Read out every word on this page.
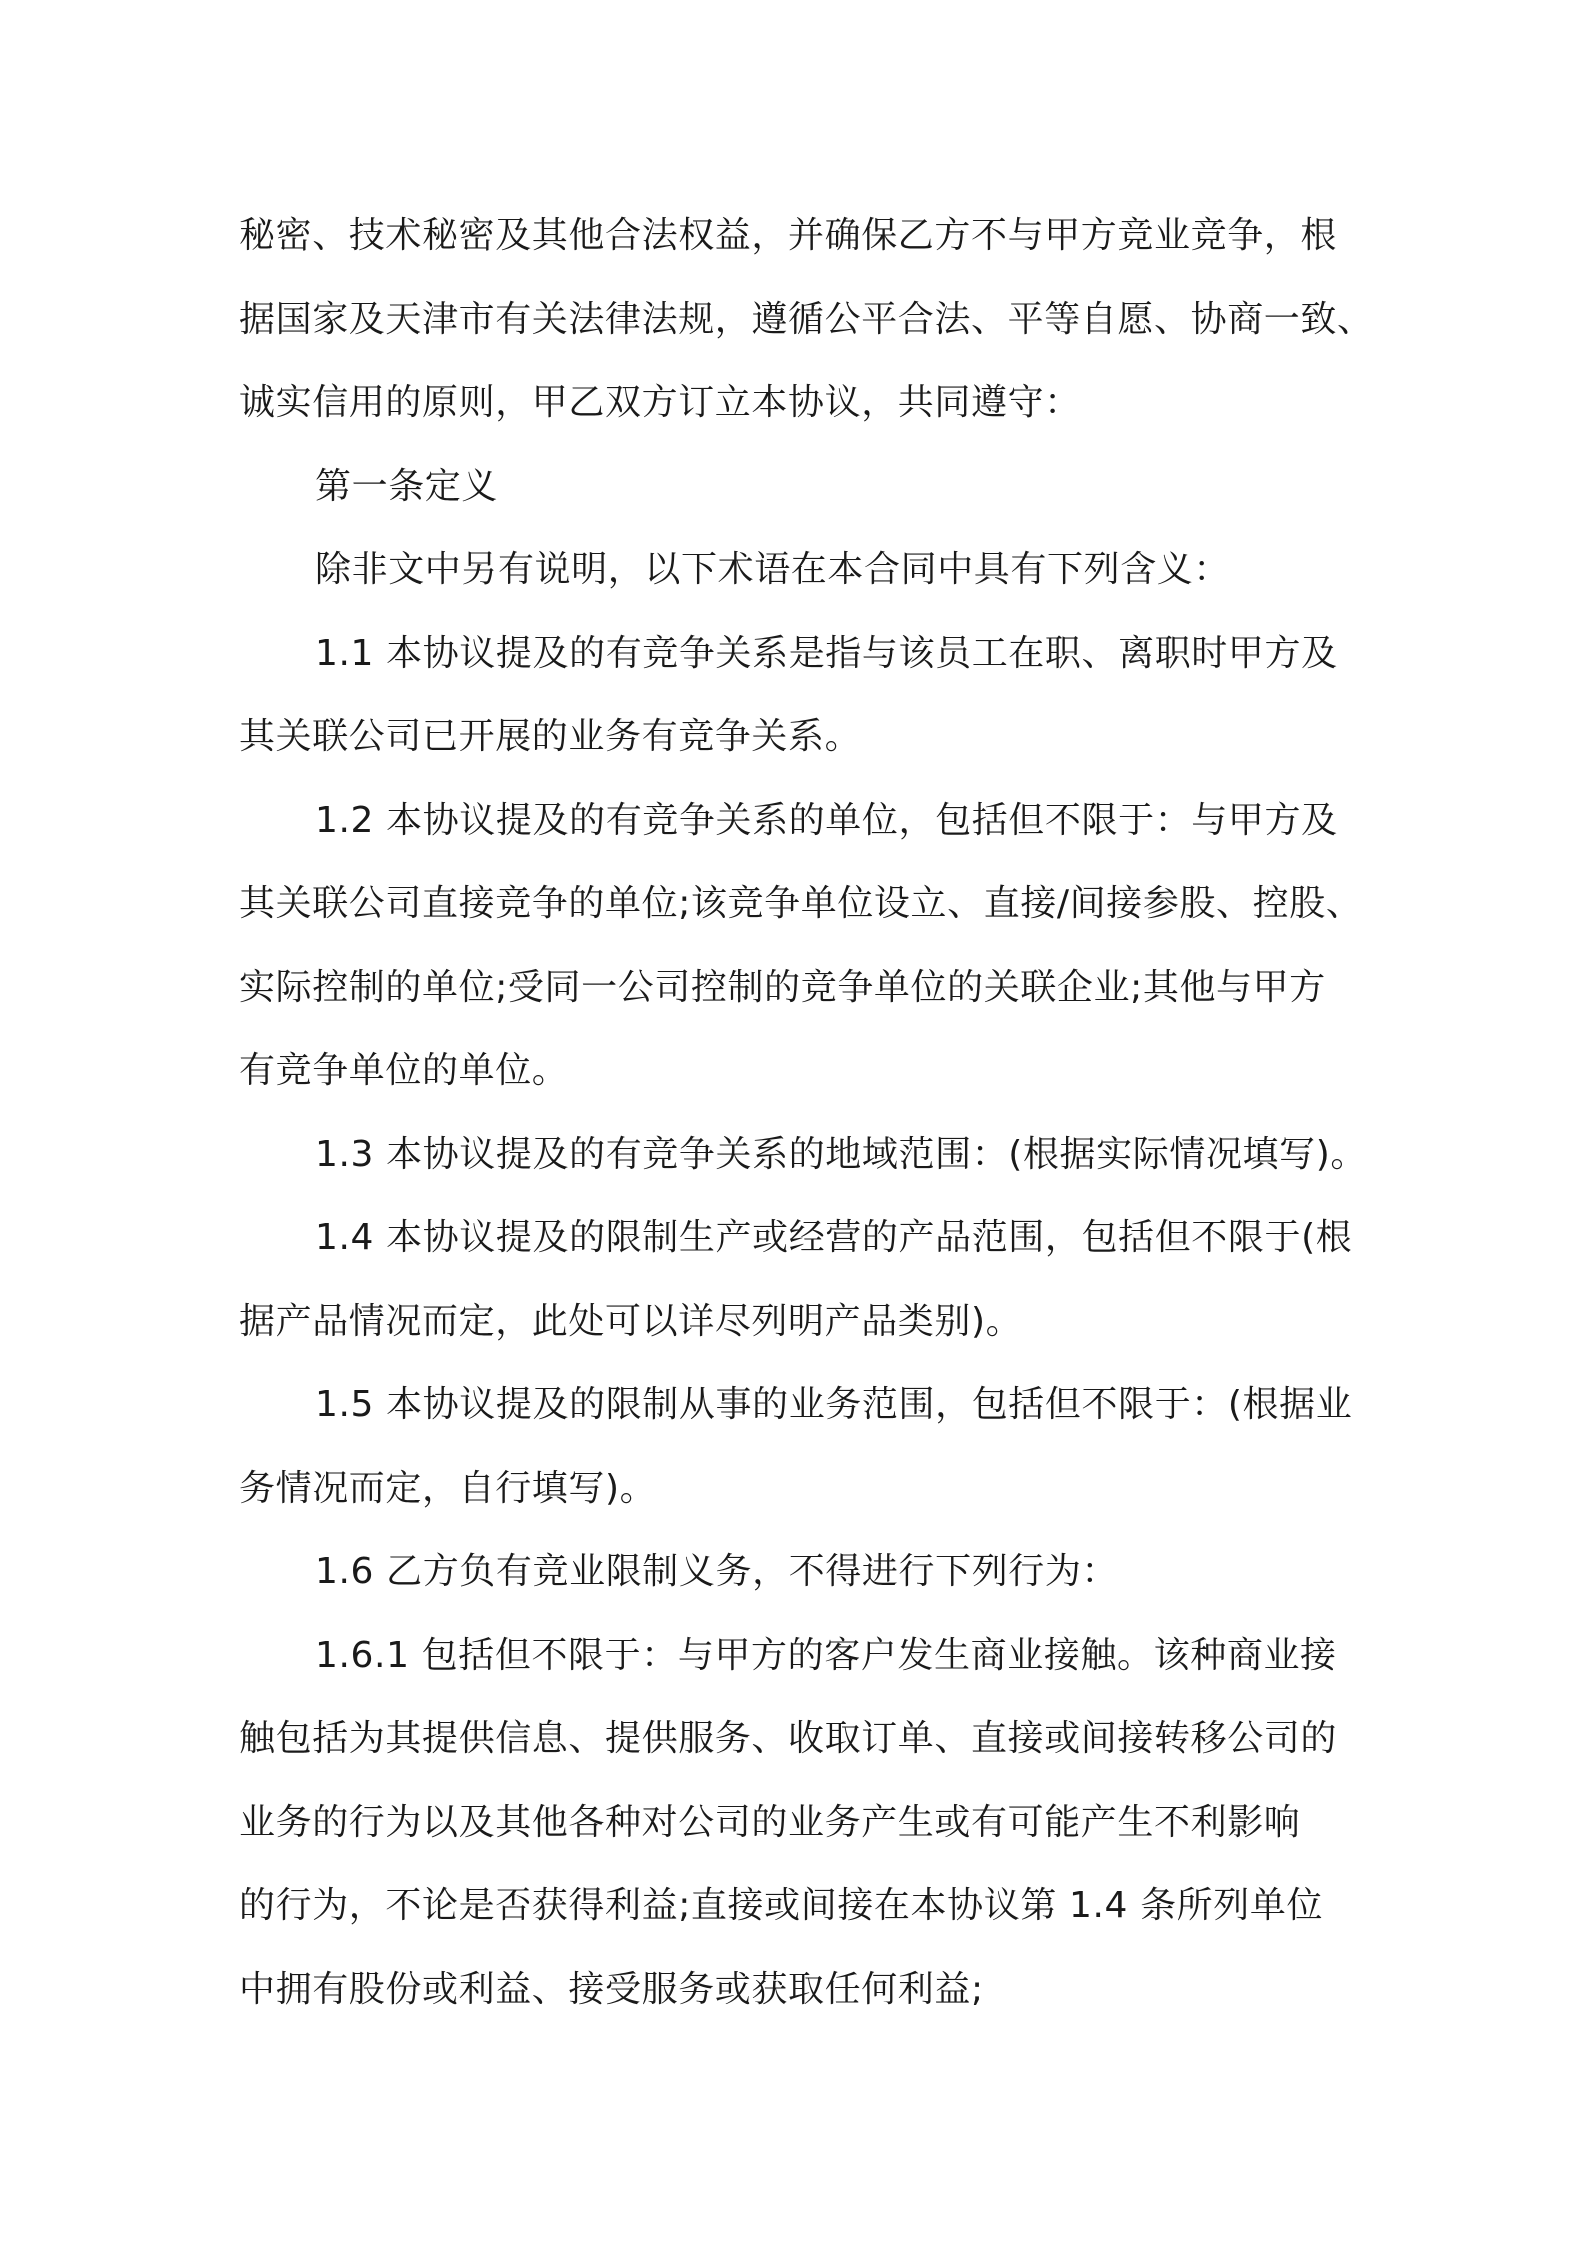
秘密、技术秘密及其他合法权益，并确保乙方不与甲方竞业竞争，根
据国家及天津市有关法律法规，遵循公平合法、平等自愿、协商一致、
诚实信用的原则，甲乙双方订立本协议，共同遵守：
第一条定义
除非文中另有说明，以下术语在本合同中具有下列含义：
1.1 本协议提及的有竞争关系是指与该员工在职、离职时甲方及
其关联公司已开展的业务有竞争关系。
1.2 本协议提及的有竞争关系的单位，包括但不限于：与甲方及
其关联公司直接竞争的单位;该竞争单位设立、直接/间接参股、控股、
实际控制的单位;受同一公司控制的竞争单位的关联企业;其他与甲方
有竞争单位的单位。
1.3 本协议提及的有竞争关系的地域范围：(根据实际情况填写)。
1.4 本协议提及的限制生产或经营的产品范围，包括但不限于(根
据产品情况而定，此处可以详尽列明产品类别)。
1.5 本协议提及的限制从事的业务范围，包括但不限于：(根据业
务情况而定，自行填写)。
1.6 乙方负有竞业限制义务，不得进行下列行为：
1.6.1 包括但不限于：与甲方的客户发生商业接触。该种商业接
触包括为其提供信息、提供服务、收取订单、直接或间接转移公司的
业务的行为以及其他各种对公司的业务产生或有可能产生不利影响
的行为，不论是否获得利益;直接或间接在本协议第 1.4 条所列单位
中拥有股份或利益、接受服务或获取任何利益;
